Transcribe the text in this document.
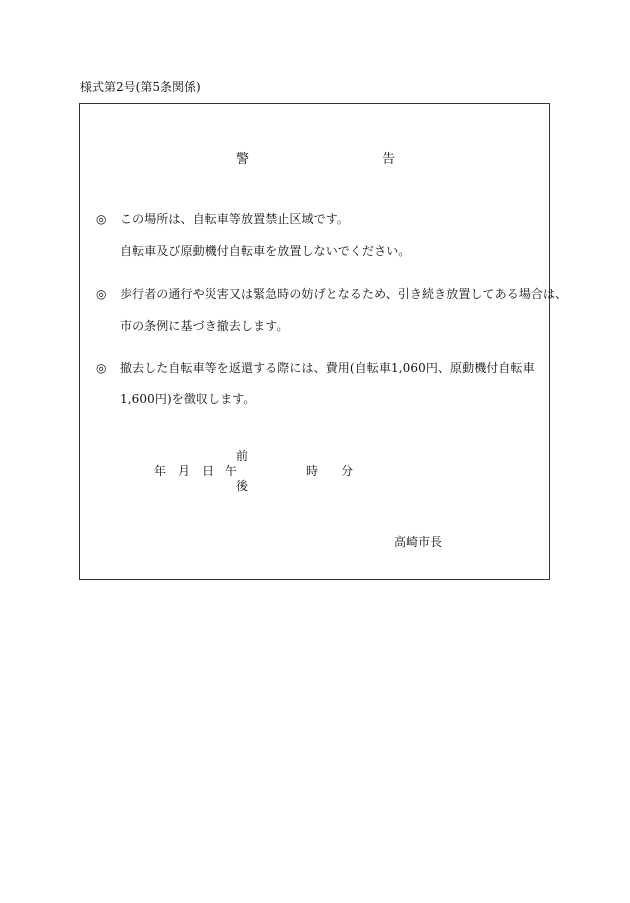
様式第2号(第5条関係)
警	告
◎ この場所は、自転車等放置禁止区域です。
自転車及び原動機付自転車を放置しないでください。
◎ 歩行者の通行や災害又は緊急時の妨げとなるため、引き続き放置してある場合は、
市の条例に基づき撤去します。
◎ 撤去した自転車等を返還する際には、費用(自転車1,060円、原動機付自転車
1,600円)を徴収します。
前
年 月 日 午	時 分
後
高崎市長
